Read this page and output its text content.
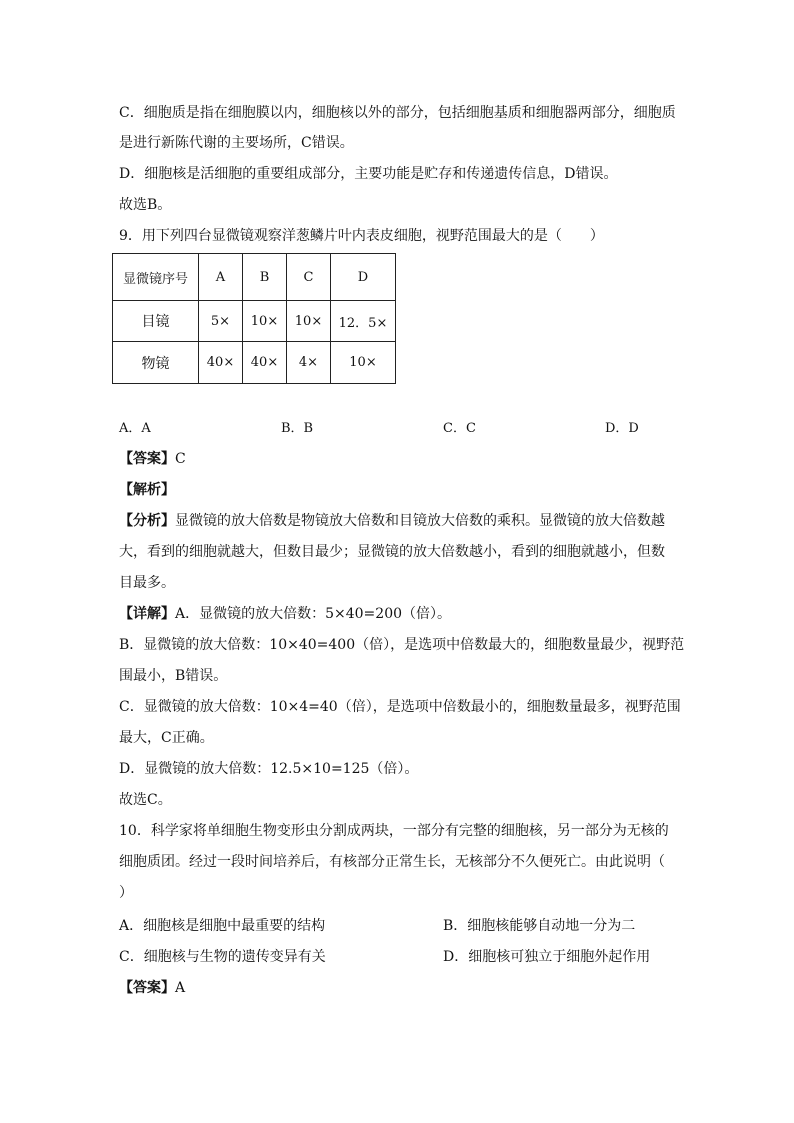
C．细胞质是指在细胞膜以内，细胞核以外的部分，包括细胞基质和细胞器两部分，细胞质
是进行新陈代谢的主要场所，C错误。
D．细胞核是活细胞的重要组成部分，主要功能是贮存和传递遗传信息，D错误。
故选B。
9．用下列四台显微镜观察洋葱鳞片叶内表皮细胞，视野范围最大的是（　　）
显微镜序号	A	B	C	D
目镜	5×	10×	10×	12．5×
物镜	40×	40×	4×	10×
A．A	B．B	C．C	D．D
【答案】C
【解析】
【分析】显微镜的放大倍数是物镜放大倍数和目镜放大倍数的乘积。显微镜的放大倍数越
大，看到的细胞就越大，但数目最少；显微镜的放大倍数越小，看到的细胞就越小，但数
目最多。
【详解】A．显微镜的放大倍数：5×40=200（倍）。
B．显微镜的放大倍数：10×40=400（倍），是选项中倍数最大的，细胞数量最少，视野范
围最小，B错误。
C．显微镜的放大倍数：10×4=40（倍），是选项中倍数最小的，细胞数量最多，视野范围
最大，C正确。
D．显微镜的放大倍数：12.5×10=125（倍）。
故选C。
10．科学家将单细胞生物变形虫分割成两块，一部分有完整的细胞核，另一部分为无核的
细胞质团。经过一段时间培养后，有核部分正常生长，无核部分不久便死亡。由此说明（
）
A．细胞核是细胞中最重要的结构	B．细胞核能够自动地一分为二
C．细胞核与生物的遗传变异有关	D．细胞核可独立于细胞外起作用
【答案】A
